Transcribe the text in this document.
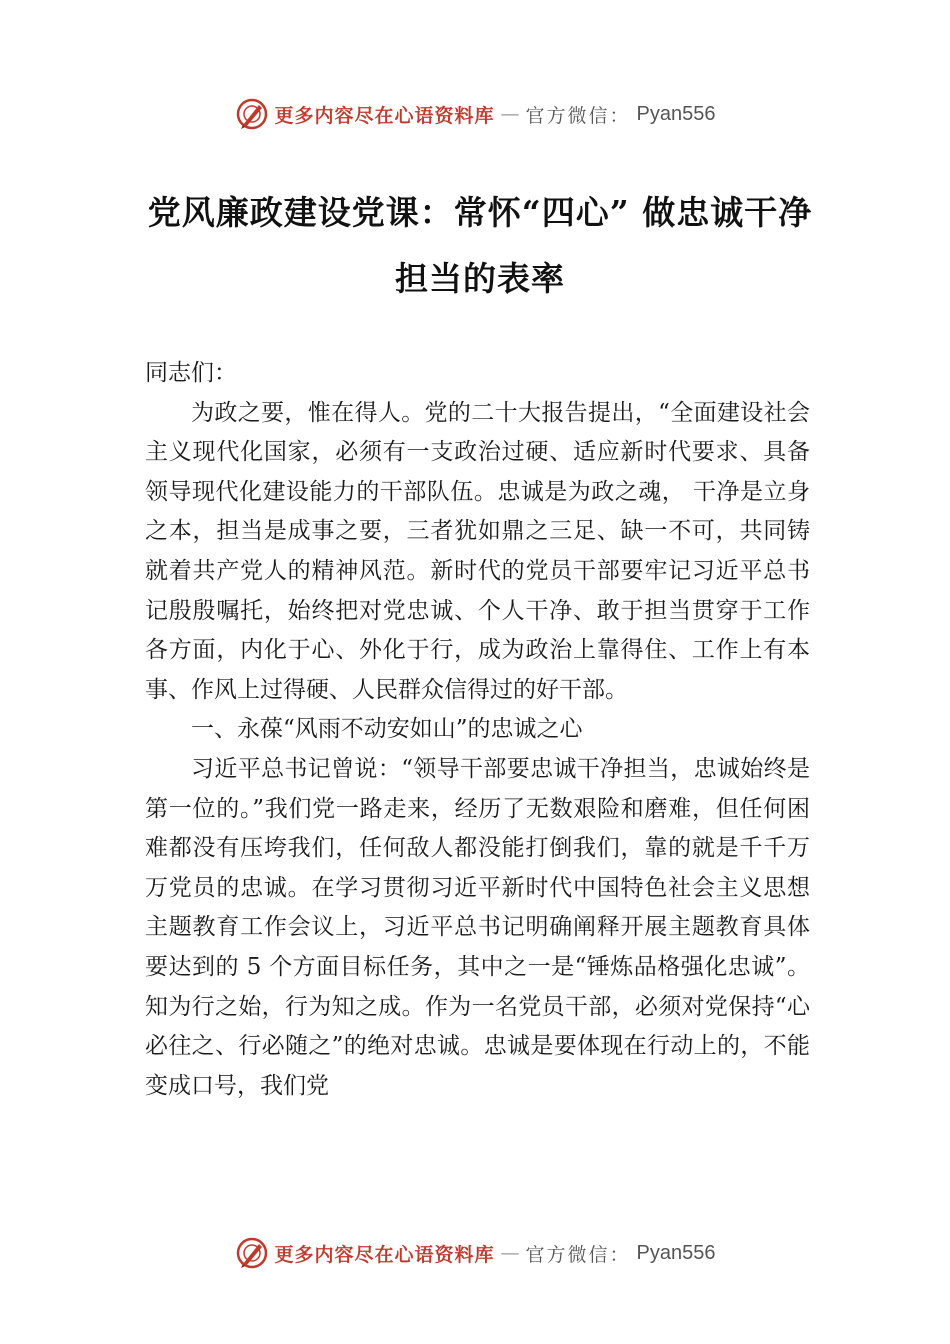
更多内容尽在心语资料库 — 官方微信： Pyan556
党风廉政建设党课：常怀“四心” 做忠诚干净担当的表率

同志们：

为政之要，惟在得人。党的二十大报告提出，“全面建设社会主义现代化国家，必须有一支政治过硬、适应新时代要求、具备领导现代化建设能力的干部队伍。忠诚是为政之魂， 干净是立身之本，担当是成事之要，三者犹如鼎之三足、缺一不可，共同铸就着共产党人的精神风范。新时代的党员干部要牢记习近平总书记殷殷嘱托，始终把对党忠诚、个人干净、敢于担当贯穿于工作各方面，内化于心、外化于行，成为政治上靠得住、工作上有本事、作风上过得硬、人民群众信得过的好干部。

一、永葆“风雨不动安如山”的忠诚之心

习近平总书记曾说：“领导干部要忠诚干净担当，忠诚始终是第一位的。”我们党一路走来，经历了无数艰险和磨难，但任何困难都没有压垮我们，任何敌人都没能打倒我们，靠的就是千千万万党员的忠诚。在学习贯彻习近平新时代中国特色社会主义思想主题教育工作会议上，习近平总书记明确阐释开展主题教育具体要达到的 5 个方面目标任务，其中之一是“锤炼品格强化忠诚”。知为行之始，行为知之成。作为一名党员干部，必须对党保持“心必往之、行必随之”的绝对忠诚。忠诚是要体现在行动上的，不能变成口号，我们党

更多内容尽在心语资料库 — 官方微信： Pyan556
